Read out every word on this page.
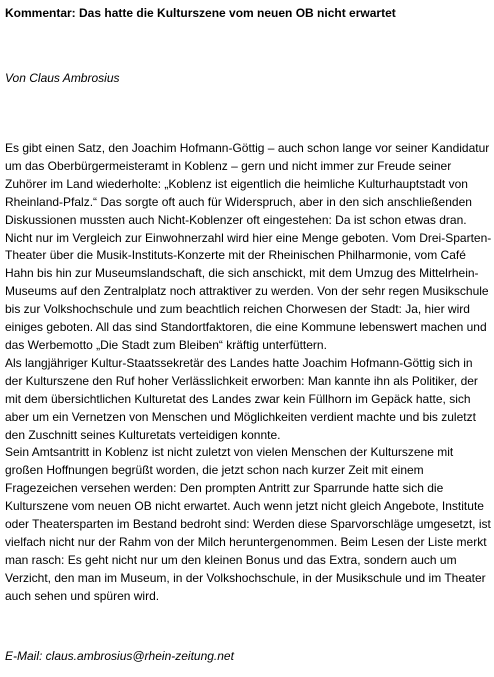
Kommentar: Das hatte die Kulturszene vom neuen OB nicht erwartet

Von Claus Ambrosius

Es gibt einen Satz, den Joachim Hofmann-Göttig – auch schon lange vor seiner Kandidatur um das Oberbürgermeisteramt in Koblenz – gern und nicht immer zur Freude seiner Zuhörer im Land wiederholte: „Koblenz ist eigentlich die heimliche Kulturhauptstadt von Rheinland-Pfalz.“ Das sorgte oft auch für Widerspruch, aber in den sich anschließenden Diskussionen mussten auch Nicht-Koblenzer oft eingestehen: Da ist schon etwas dran. Nicht nur im Vergleich zur Einwohnerzahl wird hier eine Menge geboten. Vom Drei-Sparten-Theater über die Musik-Instituts-Konzerte mit der Rheinischen Philharmonie, vom Café Hahn bis hin zur Museumslandschaft, die sich anschickt, mit dem Umzug des Mittelrhein-Museums auf den Zentralplatz noch attraktiver zu werden. Von der sehr regen Musikschule bis zur Volkshochschule und zum beachtlich reichen Chorwesen der Stadt: Ja, hier wird einiges geboten. All das sind Standortfaktoren, die eine Kommune lebenswert machen und das Werbemotto „Die Stadt zum Bleiben“ kräftig unterfüttern.

Als langjähriger Kultur-Staatssekretär des Landes hatte Joachim Hofmann-Göttig sich in der Kulturszene den Ruf hoher Verlässlichkeit erworben: Man kannte ihn als Politiker, der mit dem übersichtlichen Kulturetat des Landes zwar kein Füllhorn im Gepäck hatte, sich aber um ein Vernetzen von Menschen und Möglichkeiten verdient machte und bis zuletzt den Zuschnitt seines Kulturetats verteidigen konnte.

Sein Amtsantritt in Koblenz ist nicht zuletzt von vielen Menschen der Kulturszene mit großen Hoffnungen begrüßt worden, die jetzt schon nach kurzer Zeit mit einem Fragezeichen versehen werden: Den prompten Antritt zur Sparrunde hatte sich die Kulturszene vom neuen OB nicht erwartet. Auch wenn jetzt nicht gleich Angebote, Institute oder Theatersparten im Bestand bedroht sind: Werden diese Sparvorschläge umgesetzt, ist vielfach nicht nur der Rahm von der Milch heruntergenommen. Beim Lesen der Liste merkt man rasch: Es geht nicht nur um den kleinen Bonus und das Extra, sondern auch um Verzicht, den man im Museum, in der Volkshochschule, in der Musikschule und im Theater auch sehen und spüren wird.

E-Mail: claus.ambrosius@rhein-zeitung.net
